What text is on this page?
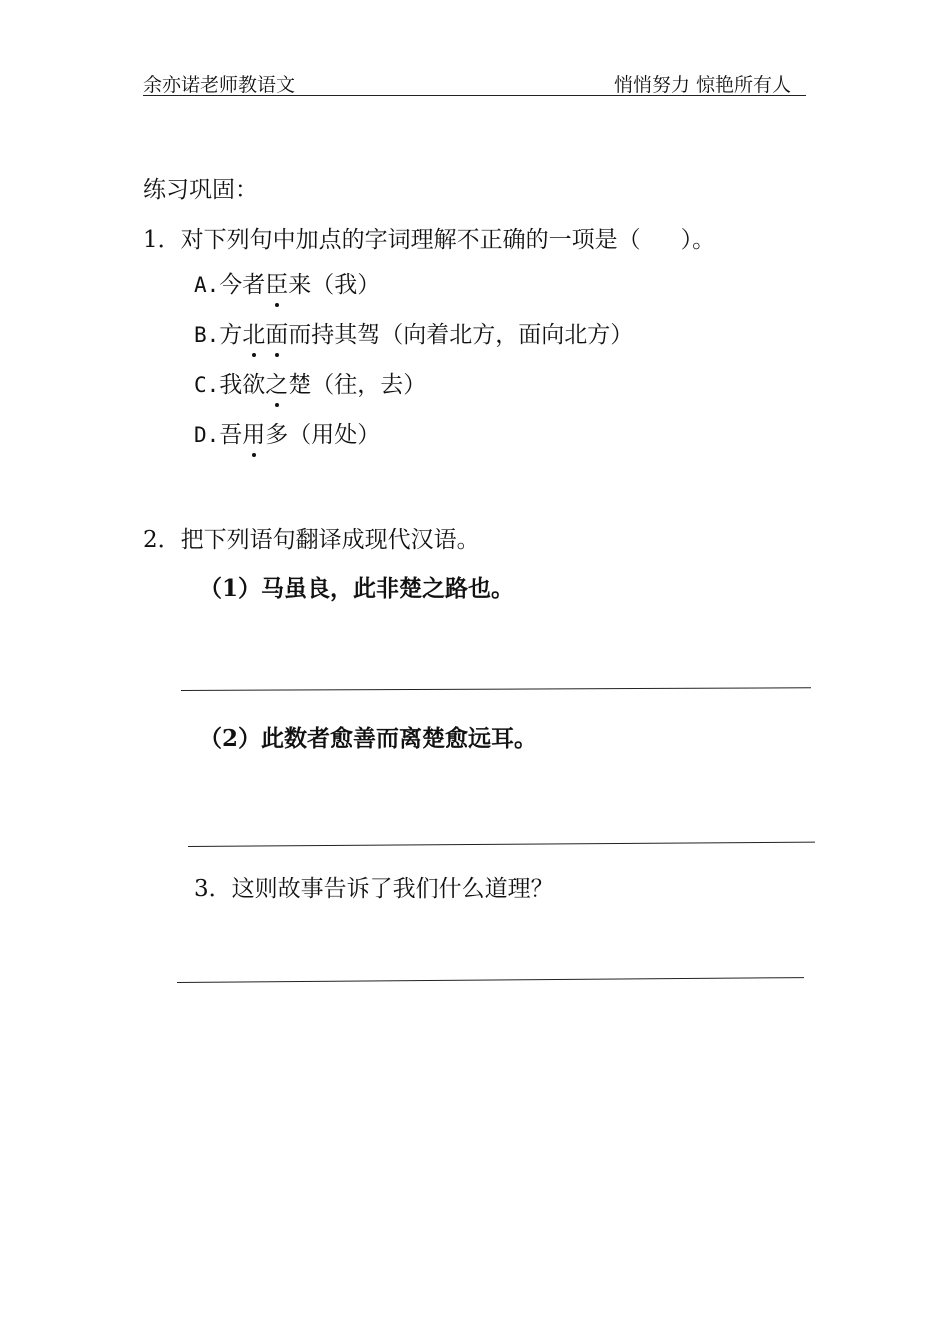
余亦诺老师教语文	悄悄努力 惊艳所有人
练习巩固：
1．对下列句中加点的字词理解不正确的一项是（ ）。
A.今者臣来（我）
B.方北面而持其驾（向着北方，面向北方）
C.我欲之楚（往，去）
D.吾用多（用处）
2．把下列语句翻译成现代汉语。
（1）马虽良，此非楚之路也。
（2）此数者愈善而离楚愈远耳。
3．这则故事告诉了我们什么道理？
